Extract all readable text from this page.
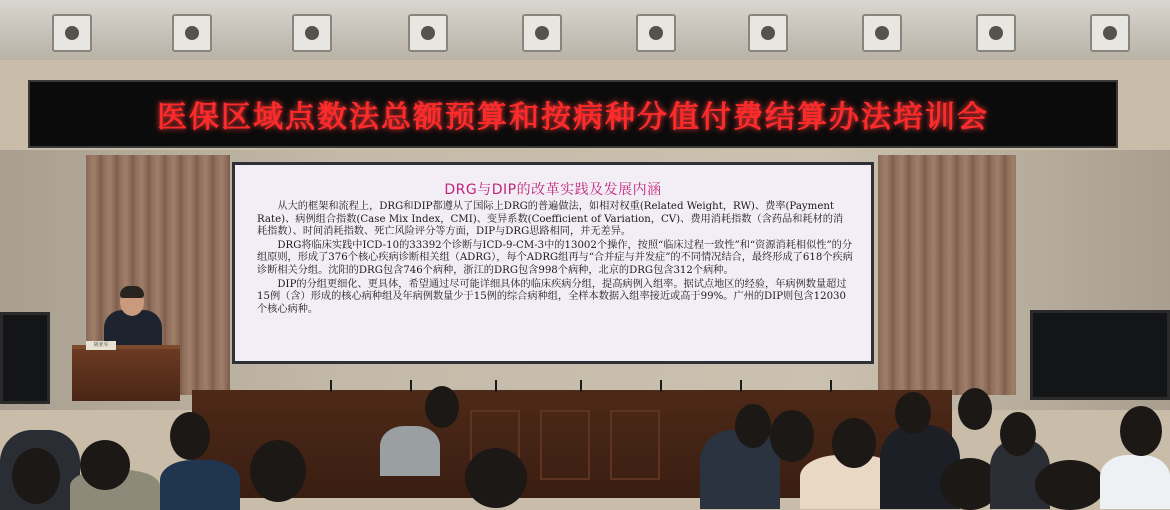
医保区域点数法总额预算和按病种分值付费结算办法培训会
DRG与DIP的改革实践及发展内涵

从大的框架和流程上，DRG和DIP都遵从了国际上DRG的普遍做法，如相对权重(Related Weight，RW)、费率(Payment Rate)、病例组合指数(Case Mix Index，CMI)、变异系数(Coefficient of Variation，CV)、费用消耗指数（含药品和耗材的消耗指数）、时间消耗指数、死亡风险评分等方面，DIP与DRG思路相同，并无差异。

DRG将临床实践中ICD-10的33392个诊断与ICD-9-CM-3中的13002个操作，按照“临床过程一致性”和“资源消耗相似性”的分组原则，形成了376个核心疾病诊断相关组（ADRG），每个ADRG组再与“合并症与并发症”的不同情况结合，最终形成了618个疾病诊断相关分组。沈阳的DRG包含746个病种，浙江的DRG包含998个病种，北京的DRG包含312个病种。

DIP的分组更细化、更具体，希望通过尽可能详细具体的临床疾病分组，提高病例入组率。据试点地区的经验，年病例数量超过15例（含）形成的核心病种组及年病例数量少于15例的综合病种组，全样本数据入组率接近或高于99%。广州的DIP则包含12030个核心病种。

胡亚军
